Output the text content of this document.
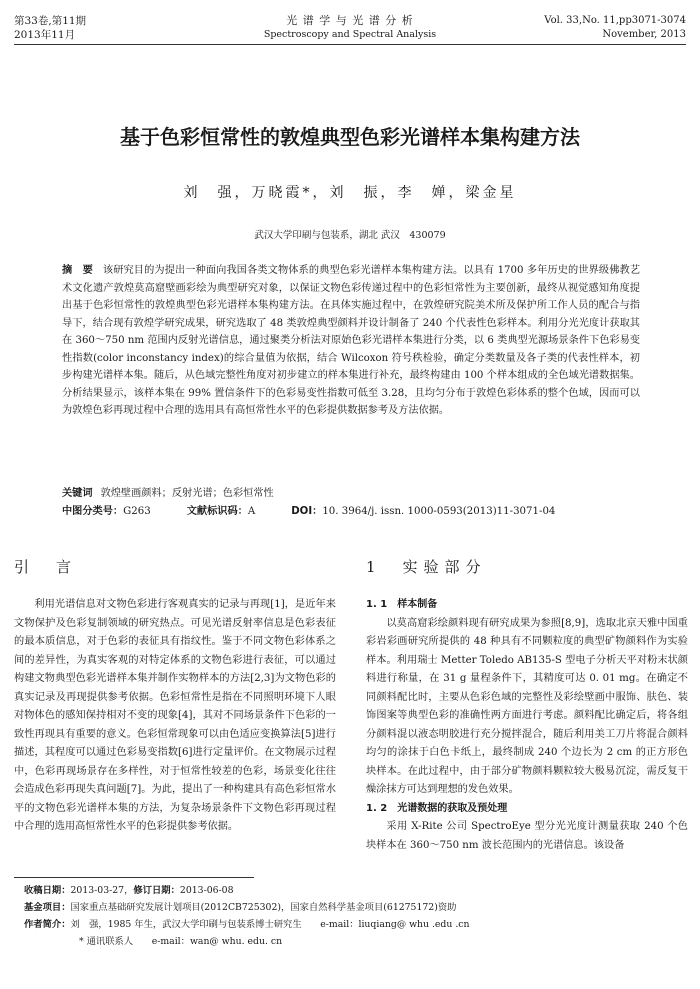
第33卷,第11期
2013年11月
光 谱 学 与 光 谱 分 析
Spectroscopy and Spectral Analysis
Vol. 33,No. 11,pp3071-3074
November, 2013
基于色彩恒常性的敦煌典型色彩光谱样本集构建方法
刘　强，万晓霞*，刘　振，李　婵，梁金星
武汉大学印刷与包装系，湖北 武汉　430079
摘　要 该研究目的为提出一种面向我国各类文物体系的典型色彩光谱样本集构建方法。以具有 1700 多年历史的世界级佛教艺术文化遗产敦煌莫高窟壁画彩绘为典型研究对象，以保证文物色彩传递过程中的色彩恒常性为主要创新，最终从视觉感知角度提出基于色彩恒常性的敦煌典型色彩光谱样本集构建方法。在具体实施过程中，在敦煌研究院美术所及保护所工作人员的配合与指导下，结合现有敦煌学研究成果，研究选取了 48 类敦煌典型颜料并设计制备了 240 个代表性色彩样本。利用分光光度计获取其在 360～750 nm 范围内反射光谱信息，通过聚类分析法对原始色彩光谱样本集进行分类，以 6 类典型光源场景条件下色彩易变性指数(color inconstancy index)的综合量值为依据，结合 Wilcoxon 符号秩检验，确定分类数量及各子类的代表性样本，初步构建光谱样本集。随后，从色域完整性角度对初步建立的样本集进行补充，最终构建由 100 个样本组成的全色域光谱数据集。分析结果显示，该样本集在 99% 置信条件下的色彩易变性指数可低至 3.28，且均匀分布于敦煌色彩体系的整个色域，因而可以为敦煌色彩再现过程中合理的选用具有高恒常性水平的色彩提供数据参考及方法依据。
关键词 敦煌壁画颜料；反射光谱；色彩恒常性
中图分类号：G263	文献标识码：A	DOI：10. 3964/j. issn. 1000-0593(2013)11-3071-04
引　言	1　实验部分

利用光谱信息对文物色彩进行客观真实的记录与再现[1]，是近年来文物保护及色彩复制领域的研究热点。可见光谱反射率信息是色彩表征的最本质信息，对于色彩的表征具有指纹性。鉴于不同文物色彩体系之间的差异性，为真实客观的对特定体系的文物色彩进行表征，可以通过构建文物典型色彩光谱样本集并制作实物样本的方法[2,3]为文物色彩的真实记录及再现提供参考依据。色彩恒常性是指在不同照明环境下人眼对物体色的感知保持相对不变的现象[4]，其对不同场景条件下色彩的一致性再现具有重要的意义。色彩恒常现象可以由色适应变换算法[5]进行描述，其程度可以通过色彩易变指数[6]进行定量评价。在文物展示过程中，色彩再现场景存在多样性，对于恒常性较差的色彩，场景变化往往会造成色彩再现失真问题[7]。为此，提出了一种构建具有高色彩恒常水平的文物色彩光谱样本集的方法，为复杂场景条件下文物色彩再现过程中合理的选用高恒常性水平的色彩提供参考依据。

1. 1　样本制备

以莫高窟彩绘颜料现有研究成果为参照[8,9]，选取北京天雅中国重彩岩彩画研究所提供的 48 种具有不同颗粒度的典型矿物颜料作为实验样本。利用瑞士 Metter Toledo AB135-S 型电子分析天平对粉末状颜料进行称量，在 31 g 量程条件下，其精度可达 0. 01 mg。在确定不同颜料配比时，主要从色彩色域的完整性及彩绘壁画中服饰、肤色、装饰图案等典型色彩的准确性两方面进行考虑。颜料配比确定后，将各组分颜料混以液态明胶进行充分搅拌混合，随后利用美工刀片将混合颜料均匀的涂抹于白色卡纸上，最终制成 240 个边长为 2 cm 的正方形色块样本。在此过程中，由于部分矿物颜料颗粒较大极易沉淀，需反复干燥涂抹方可达到理想的发色效果。

1. 2　光谱数据的获取及预处理

采用 X-Rite 公司 SpectroEye 型分光光度计测量获取 240 个色块样本在 360～750 nm 波长范围内的光谱信息。该设备

收稿日期：2013-03-27，修订日期：2013-06-08
基金项目：国家重点基础研究发展计划项目(2012CB725302)，国家自然科学基金项目(61275172)资助
作者简介：刘　强，1985 年生，武汉大学印刷与包装系博士研究生　　e-mail：liuqiang@ whu .edu .cn
* 通讯联系人　　 e-mail：wan@ whu. edu. cn
